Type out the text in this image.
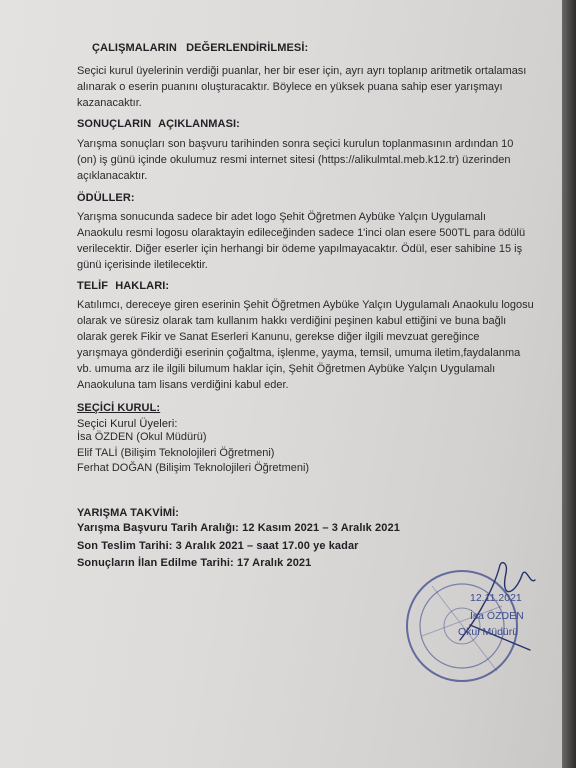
ÇALIŞMALARIN DEĞERLENDİRİLMESİ:
Seçici kurul üyelerinin verdiği puanlar, her bir eser için, ayrı ayrı toplanıp aritmetik ortalaması
alınarak o eserin puanını oluşturacaktır. Böylece en yüksek puana sahip eser yarışmayı
kazanacaktır.
SONUÇLARIN AÇIKLANMASI:
Yarışma sonuçları son başvuru tarihinden sonra seçici kurulun toplanmasının ardından 10
(on) iş günü içinde okulumuz resmi internet sitesi (https://alikulmtal.meb.k12.tr) üzerinden
açıklanacaktır.
ÖDÜLLER:
Yarışma sonucunda sadece bir adet logo Şehit Öğretmen Aybüke Yalçın Uygulamalı
Anaokulu resmi logosu olaraktayin edileceğinden sadece 1'inci olan esere 500TL para ödülü
verilecektir. Diğer eserler için herhangi bir ödeme yapılmayacaktır. Ödül, eser sahibine 15 iş
günü içerisinde iletilecektir.
TELİF HAKLARI:
Katılımcı, dereceye giren eserinin Şehit Öğretmen Aybüke Yalçın Uygulamalı Anaokulu logosu
olarak ve süresiz olarak tam kullanım hakkı verdiğini peşinen kabul ettiğini ve buna bağlı
olarak gerek Fikir ve Sanat Eserleri Kanunu, gerekse diğer ilgili mevzuat gereğince
yarışmaya gönderdiği eserinin çoğaltma, işlenme, yayma, temsil, umuma iletim,faydalanma
vb. umuma arz ile ilgili bilumum haklar için, Şehit Öğretmen Aybüke Yalçın Uygulamalı
Anaokuluna tam lisans verdiğini kabul eder.
SEÇİCİ KURUL:
Seçici Kurul Üyeleri:
İsa ÖZDEN (Okul Müdürü)
Elif TALİ (Bilişim Teknolojileri Öğretmeni)
Ferhat DOĞAN (Bilişim Teknolojileri Öğretmeni)
YARIŞMA TAKVİMİ:
Yarışma Başvuru Tarih Aralığı: 12 Kasım 2021 – 3 Aralık 2021
Son Teslim Tarihi: 3 Aralık 2021 – saat 17.00 ye kadar
Sonuçların İlan Edilme Tarihi: 17 Aralık 2021
12.11.2021
İsa ÖZDEN
Okul Müdürü
